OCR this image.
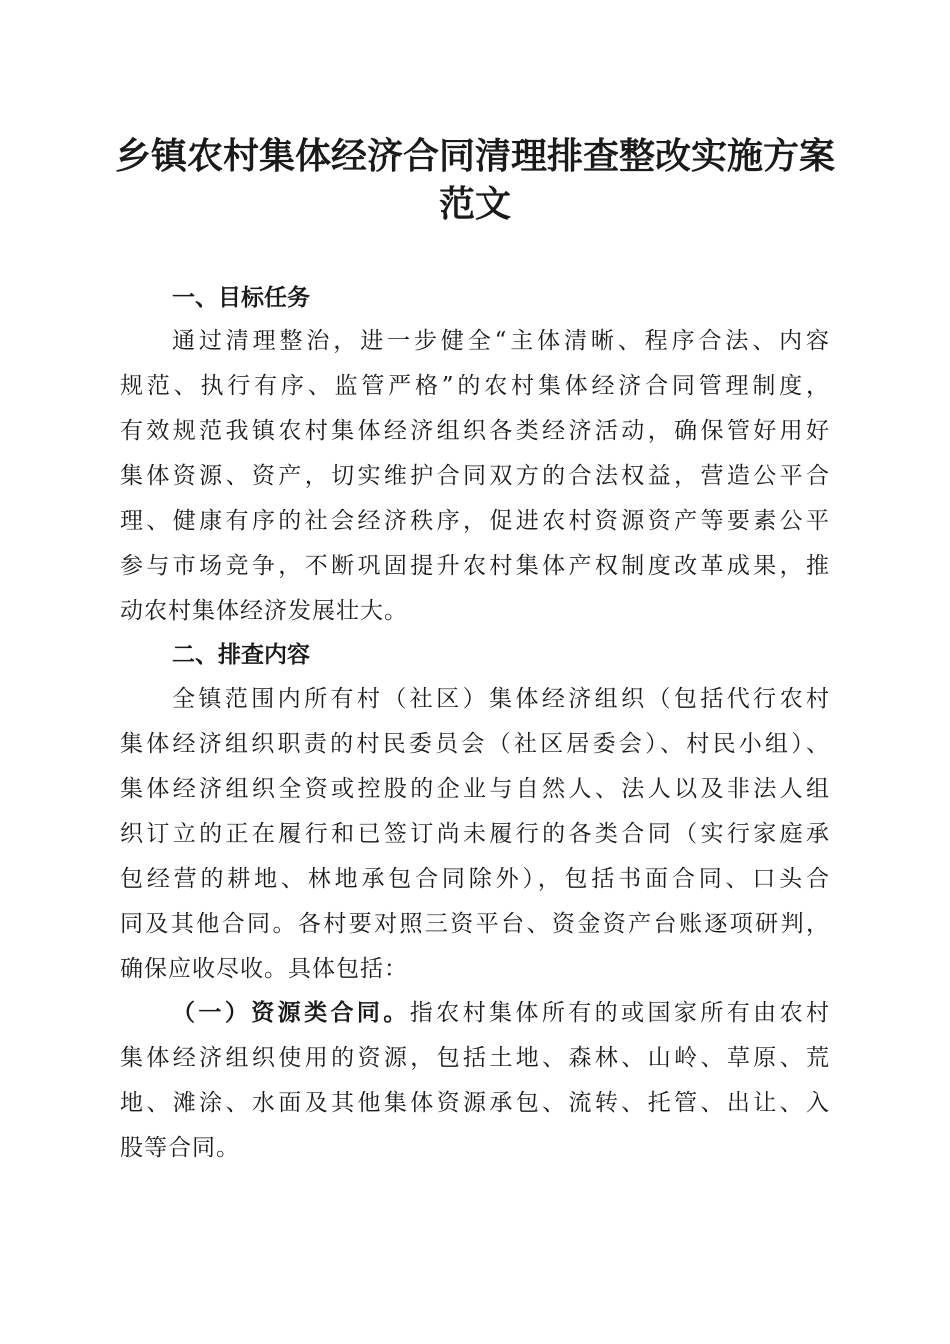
乡镇农村集体经济合同清理排查整改实施方案
范文
一、目标任务

通过清理整治，进一步健全“主体清晰、程序合法、内容

规范、执行有序、监管严格”的农村集体经济合同管理制度，

有效规范我镇农村集体经济组织各类经济活动，确保管好用好

集体资源、资产，切实维护合同双方的合法权益，营造公平合

理、健康有序的社会经济秩序，促进农村资源资产等要素公平

参与市场竞争，不断巩固提升农村集体产权制度改革成果，推

动农村集体经济发展壮大。

二、排查内容

全镇范围内所有村（社区）集体经济组织（包括代行农村

集体经济组织职责的村民委员会（社区居委会）、村民小组）、

集体经济组织全资或控股的企业与自然人、法人以及非法人组

织订立的正在履行和已签订尚未履行的各类合同（实行家庭承

包经营的耕地、林地承包合同除外），包括书面合同、口头合

同及其他合同。各村要对照三资平台、资金资产台账逐项研判，

确保应收尽收。具体包括：

（一）资源类合同。指农村集体所有的或国家所有由农村

集体经济组织使用的资源，包括土地、森林、山岭、草原、荒

地、滩涂、水面及其他集体资源承包、流转、托管、出让、入

股等合同。
